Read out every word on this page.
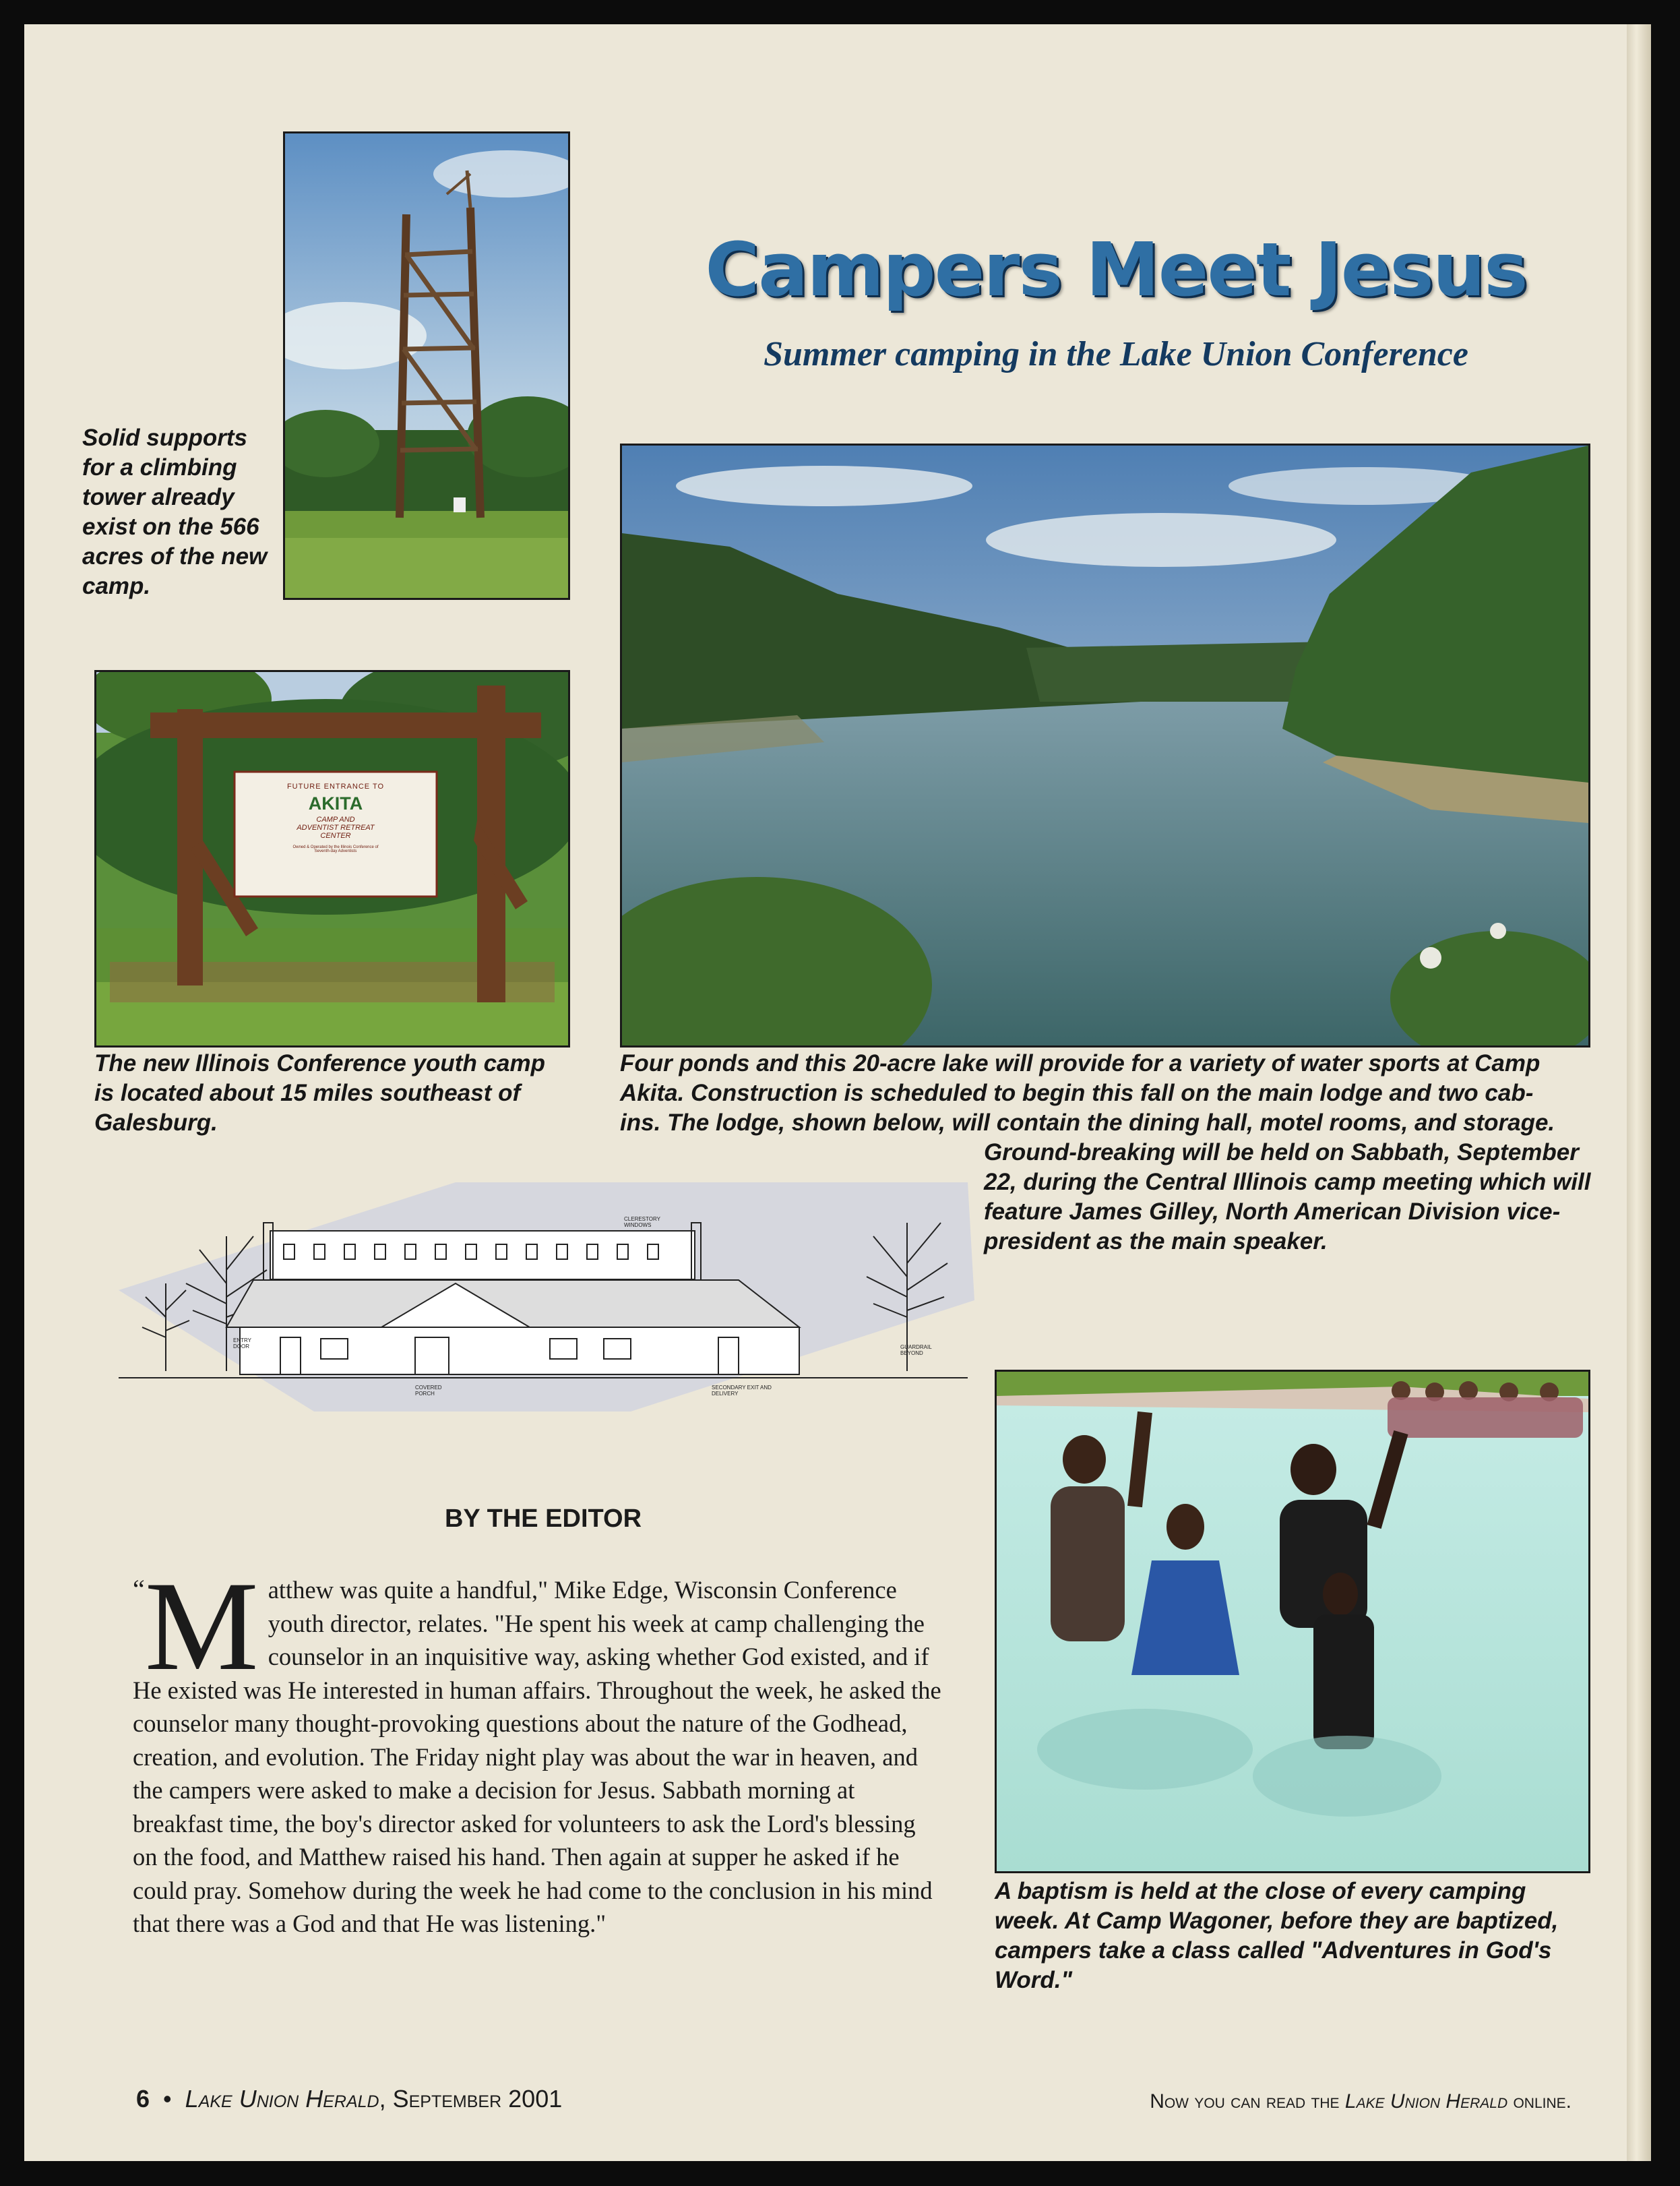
Campers Meet Jesus
Summer camping in the Lake Union Conference
Solid supports for a climbing tower already exist on the 566 acres of the new camp.
FUTURE ENTRANCE TO
AKITA
CAMP AND
ADVENTIST RETREAT
CENTER
Owned & Operated by the Illinois Conference of
Seventh-day Adventists
The new Illinois Conference youth camp is located about 15 miles southeast of Galesburg.
Four ponds and this 20-acre lake will provide for a variety of water sports at Camp
Akita. Construction is scheduled to begin this fall on the main lodge and two cab-
ins. The lodge, shown below, will contain the dining hall, motel rooms, and storage.
Ground-breaking will be held on Sabbath, September 22, during the Central Illinois camp meeting which will feature James Gilley, North American Division vice-president as the main speaker.
CLERESTORY WINDOWS
ENTRY DOOR
COVERED PORCH
SECONDARY EXIT AND DELIVERY
GUARDRAIL BEYOND
A baptism is held at the close of every camping week. At Camp Wagoner, before they are baptized, campers take a class called "Adventures in God's Word."
BY THE EDITOR
“M atthew was quite a handful," Mike Edge, Wisconsin Conference youth director, relates. "He spent his week at camp challenging the counselor in an inquisitive way, asking whether God existed, and if He existed was He interested in human affairs. Throughout the week, he asked the counselor many thought-provoking questions about the nature of the Godhead, creation, and evolution. The Friday night play was about the war in heaven, and the campers were asked to make a decision for Jesus. Sabbath morning at breakfast time, the boy's director asked for volunteers to ask the Lord's blessing on the food, and Matthew raised his hand. Then again at supper he asked if he could pray. Somehow during the week he had come to the conclusion in his mind that there was a God and that He was listening."
6 • Lake Union Herald, September 2001	Now you can read the Lake Union Herald online.
